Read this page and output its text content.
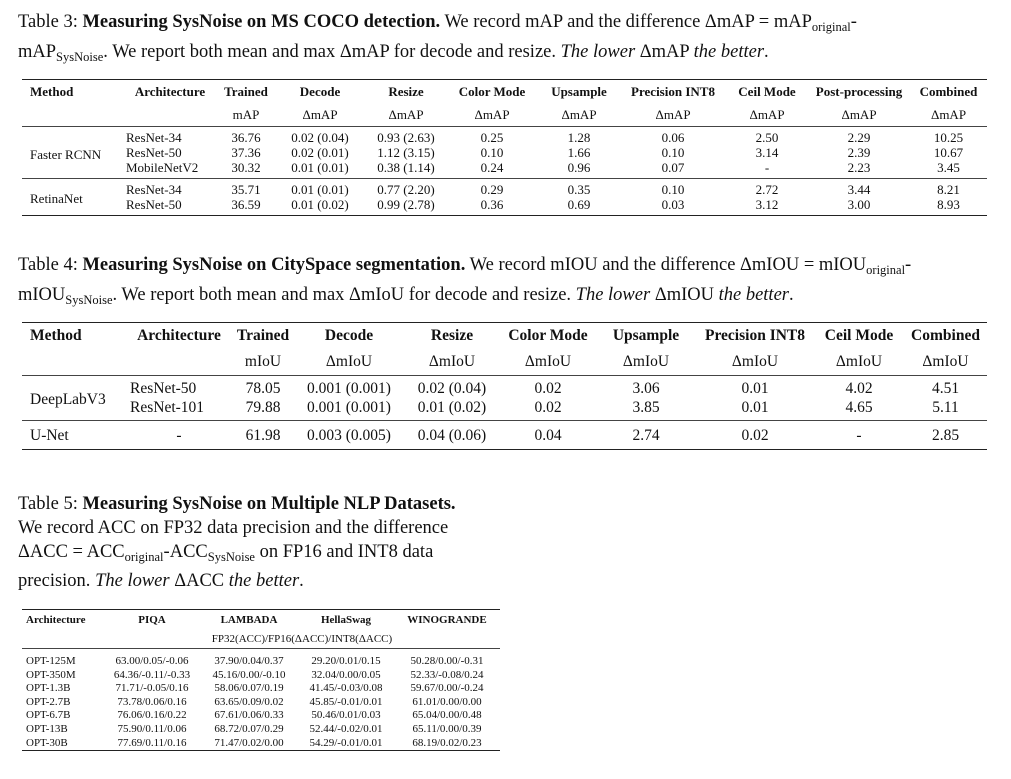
Table 3: Measuring SysNoise on MS COCO detection. We record mAP and the difference ΔmAP = mAP$_{original}$-
mAP$_{SysNoise}$. We report both mean and max ΔmAP for decode and resize. The lower ΔmAP the better.
Method	Architecture	Trained	Decode	Resize	Color Mode	Upsample	Precision INT8	Ceil Mode	Post-processing	Combined
		mAP	ΔmAP	ΔmAP	ΔmAP	ΔmAP	ΔmAP	ΔmAP	ΔmAP	ΔmAP
Faster RCNN	ResNet-34	36.76	0.02 (0.04)	0.93 (2.63)	0.25	1.28	0.06	2.50	2.29	10.25
	ResNet-50	37.36	0.02 (0.01)	1.12 (3.15)	0.10	1.66	0.10	3.14	2.39	10.67
	MobileNetV2	30.32	0.01 (0.01)	0.38 (1.14)	0.24	0.96	0.07	-	2.23	3.45
RetinaNet	ResNet-34	35.71	0.01 (0.01)	0.77 (2.20)	0.29	0.35	0.10	2.72	3.44	8.21
	ResNet-50	36.59	0.01 (0.02)	0.99 (2.78)	0.36	0.69	0.03	3.12	3.00	8.93
Table 4: Measuring SysNoise on CitySpace segmentation. We record mIOU and the difference ΔmIOU = mIOU$_{original}$-
mIOU$_{SysNoise}$. We report both mean and max ΔmIoU for decode and resize. The lower ΔmIOU the better.
Method	Architecture	Trained	Decode	Resize	Color Mode	Upsample	Precision INT8	Ceil Mode	Combined
		mIoU	ΔmIoU	ΔmIoU	ΔmIoU	ΔmIoU	ΔmIoU	ΔmIoU	ΔmIoU
DeepLabV3	ResNet-50	78.05	0.001 (0.001)	0.02 (0.04)	0.02	3.06	0.01	4.02	4.51
	ResNet-101	79.88	0.001 (0.001)	0.01 (0.02)	0.02	3.85	0.01	4.65	5.11
U-Net	-	61.98	0.003 (0.005)	0.04 (0.06)	0.04	2.74	0.02	-	2.85
Table 5: Measuring SysNoise on Multiple NLP Datasets.
We record ACC on FP32 data precision and the difference
$\Delta ACC = ACC_{original}-ACC_{SysNoise}$ on FP16 and INT8 data
precision. The lower ΔACC the better.
Architecture	PIQA	LAMBADA	HellaSwag	WINOGRANDE
	FP32(ACC)/FP16(ΔACC)/INT8(ΔACC)			
OPT-125M	63.00/0.05/-0.06	37.90/0.04/0.37	29.20/0.01/0.15	50.28/0.00/-0.31
OPT-350M	64.36/-0.11/-0.33	45.16/0.00/-0.10	32.04/0.00/0.05	52.33/-0.08/0.24
OPT-1.3B	71.71/-0.05/0.16	58.06/0.07/0.19	41.45/-0.03/0.08	59.67/0.00/-0.24
OPT-2.7B	73.78/0.06/0.16	63.65/0.09/0.02	45.85/-0.01/0.01	61.01/0.00/0.00
OPT-6.7B	76.06/0.16/0.22	67.61/0.06/0.33	50.46/0.01/0.03	65.04/0.00/0.48
OPT-13B	75.90/0.11/0.06	68.72/0.07/0.29	52.44/-0.02/0.01	65.11/0.00/0.39
OPT-30B	77.69/0.11/0.16	71.47/0.02/0.00	54.29/-0.01/0.01	68.19/0.02/0.23
